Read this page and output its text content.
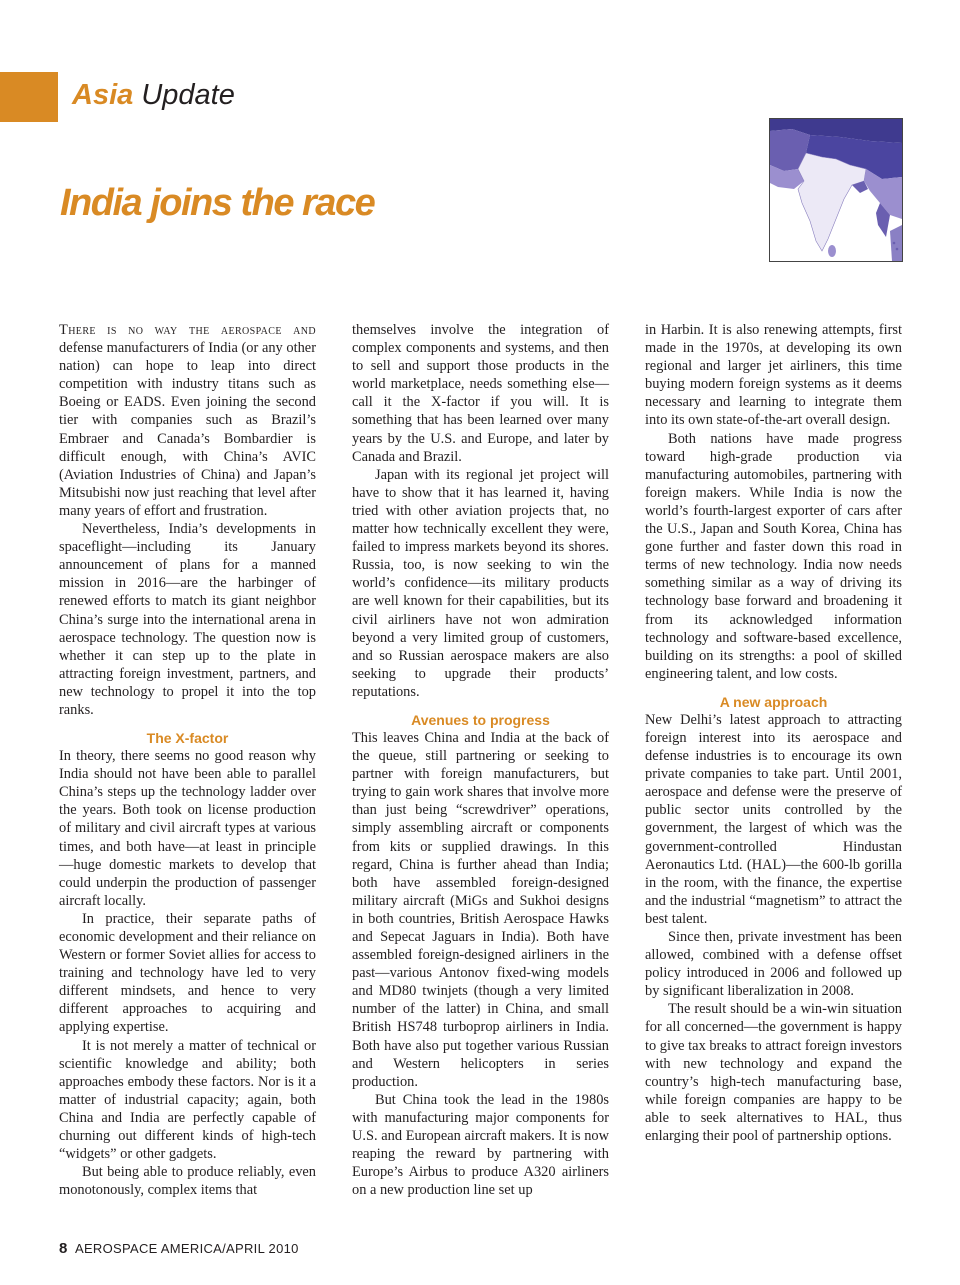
Asia Update
India joins the race

There is no way the aerospace and defense manufacturers of India (or any other nation) can hope to leap into direct competition with industry titans such as Boeing or EADS. Even joining the second tier with companies such as Brazil’s Embraer and Canada’s Bombardier is difficult enough, with China’s AVIC (Aviation Industries of China) and Japan’s Mitsubishi now just reaching that level after many years of effort and frustration.

Nevertheless, India’s developments in spaceflight—including its January announcement of plans for a manned mission in 2016—are the harbinger of renewed efforts to match its giant neighbor China’s surge into the international arena in aerospace technology. The question now is whether it can step up to the plate in attracting foreign investment, partners, and new technology to propel it into the top ranks.

The X-factor

In theory, there seems no good reason why India should not have been able to parallel China’s steps up the technology ladder over the years. Both took on license production of military and civil aircraft types at various times, and both have—at least in principle—huge domestic markets to develop that could underpin the production of passenger aircraft locally.

In practice, their separate paths of economic development and their reliance on Western or former Soviet allies for access to training and technology have led to very different mindsets, and hence to very different approaches to acquiring and applying expertise.

It is not merely a matter of technical or scientific knowledge and ability; both approaches embody these factors. Nor is it a matter of industrial capacity; again, both China and India are perfectly capable of churning out different kinds of high-tech “widgets” or other gadgets.

But being able to produce reliably, even monotonously, complex items that

themselves involve the integration of complex components and systems, and then to sell and support those products in the world marketplace, needs something else—call it the X-factor if you will. It is something that has been learned over many years by the U.S. and Europe, and later by Canada and Brazil.

Japan with its regional jet project will have to show that it has learned it, having tried with other aviation projects that, no matter how technically excellent they were, failed to impress markets beyond its shores. Russia, too, is now seeking to win the world’s confidence—its military products are well known for their capabilities, but its civil airliners have not won admiration beyond a very limited group of customers, and so Russian aerospace makers are also seeking to upgrade their products’ reputations.

Avenues to progress

This leaves China and India at the back of the queue, still partnering or seeking to partner with foreign manufacturers, but trying to gain work shares that involve more than just being “screwdriver” operations, simply assembling aircraft or components from kits or supplied drawings. In this regard, China is further ahead than India; both have assembled foreign-designed military aircraft (MiGs and Sukhoi designs in both countries, British Aerospace Hawks and Sepecat Jaguars in India). Both have assembled foreign-designed airliners in the past—various Antonov fixed-wing models and MD80 twinjets (though a very limited number of the latter) in China, and small British HS748 turboprop airliners in India. Both have also put together various Russian and Western helicopters in series production.

But China took the lead in the 1980s with manufacturing major components for U.S. and European aircraft makers. It is now reaping the reward by partnering with Europe’s Airbus to produce A320 airliners on a new production line set up

in Harbin. It is also renewing attempts, first made in the 1970s, at developing its own regional and larger jet airliners, this time buying modern foreign systems as it deems necessary and learning to integrate them into its own state-of-the-art overall design.

Both nations have made progress toward high-grade production via manufacturing automobiles, partnering with foreign makers. While India is now the world’s fourth-largest exporter of cars after the U.S., Japan and South Korea, China has gone further and faster down this road in terms of new technology. India now needs something similar as a way of driving its technology base forward and broadening it from its acknowledged information technology and software-based excellence, building on its strengths: a pool of skilled engineering talent, and low costs.

A new approach

New Delhi’s latest approach to attracting foreign interest into its aerospace and defense industries is to encourage its own private companies to take part. Until 2001, aerospace and defense were the preserve of public sector units controlled by the government, the largest of which was the government-controlled Hindustan Aeronautics Ltd. (HAL)—the 600-lb gorilla in the room, with the finance, the expertise and the industrial “magnetism” to attract the best talent.

Since then, private investment has been allowed, combined with a defense offset policy introduced in 2006 and followed up by significant liberalization in 2008.

The result should be a win-win situation for all concerned—the government is happy to give tax breaks to attract foreign investors with new technology and expand the country’s high-tech manufacturing base, while foreign companies are happy to be able to seek alternatives to HAL, thus enlarging their pool of partnership options.

8 AEROSPACE AMERICA/APRIL 2010
